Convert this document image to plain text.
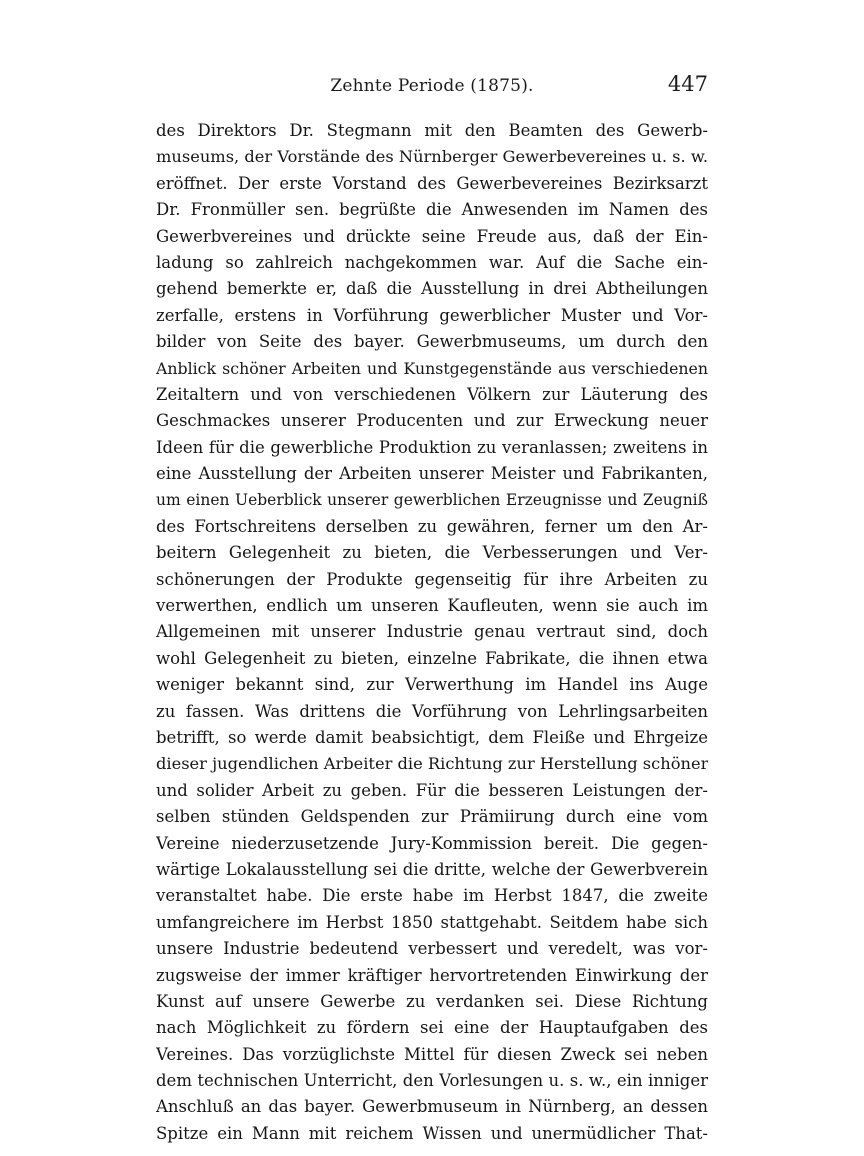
Zehnte Periode (1875).	447
des Direktors Dr. Stegmann mit den Beamten des Gewerb-
museums, der Vorstände des Nürnberger Gewerbevereines u. s. w.
eröffnet. Der erste Vorstand des Gewerbevereines Bezirksarzt
Dr. Fronmüller sen. begrüßte die Anwesenden im Namen des
Gewerbvereines und drückte seine Freude aus, daß der Ein-
ladung so zahlreich nachgekommen war. Auf die Sache ein-
gehend bemerkte er, daß die Ausstellung in drei Abtheilungen
zerfalle, erstens in Vorführung gewerblicher Muster und Vor-
bilder von Seite des bayer. Gewerbmuseums, um durch den
Anblick schöner Arbeiten und Kunstgegenstände aus verschiedenen
Zeitaltern und von verschiedenen Völkern zur Läuterung des
Geschmackes unserer Producenten und zur Erweckung neuer
Ideen für die gewerbliche Produktion zu veranlassen; zweitens in
eine Ausstellung der Arbeiten unserer Meister und Fabrikanten,
um einen Ueberblick unserer gewerblichen Erzeugnisse und Zeugniß
des Fortschreitens derselben zu gewähren, ferner um den Ar-
beitern Gelegenheit zu bieten, die Verbesserungen und Ver-
schönerungen der Produkte gegenseitig für ihre Arbeiten zu
verwerthen, endlich um unseren Kaufleuten, wenn sie auch im
Allgemeinen mit unserer Industrie genau vertraut sind, doch
wohl Gelegenheit zu bieten, einzelne Fabrikate, die ihnen etwa
weniger bekannt sind, zur Verwerthung im Handel ins Auge
zu fassen. Was drittens die Vorführung von Lehrlingsarbeiten
betrifft, so werde damit beabsichtigt, dem Fleiße und Ehrgeize
dieser jugendlichen Arbeiter die Richtung zur Herstellung schöner
und solider Arbeit zu geben. Für die besseren Leistungen der-
selben stünden Geldspenden zur Prämiirung durch eine vom
Vereine niederzusetzende Jury-Kommission bereit. Die gegen-
wärtige Lokalausstellung sei die dritte, welche der Gewerbverein
veranstaltet habe. Die erste habe im Herbst 1847, die zweite
umfangreichere im Herbst 1850 stattgehabt. Seitdem habe sich
unsere Industrie bedeutend verbessert und veredelt, was vor-
zugsweise der immer kräftiger hervortretenden Einwirkung der
Kunst auf unsere Gewerbe zu verdanken sei. Diese Richtung
nach Möglichkeit zu fördern sei eine der Hauptaufgaben des
Vereines. Das vorzüglichste Mittel für diesen Zweck sei neben
dem technischen Unterricht, den Vorlesungen u. s. w., ein inniger
Anschluß an das bayer. Gewerbmuseum in Nürnberg, an dessen
Spitze ein Mann mit reichem Wissen und unermüdlicher That-
